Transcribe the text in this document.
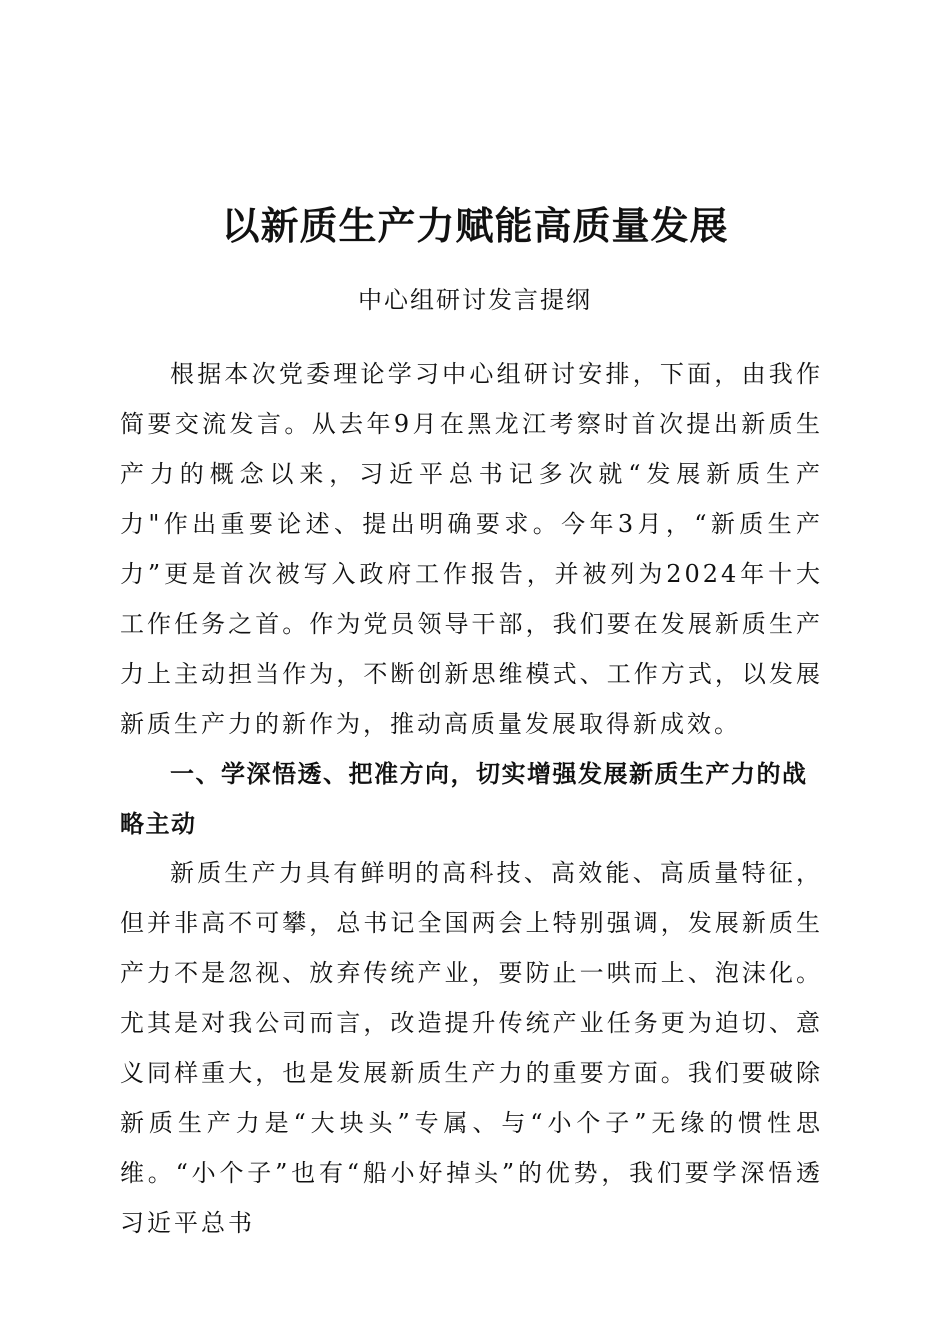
以新质生产力赋能高质量发展
中心组研讨发言提纲

根据本次党委理论学习中心组研讨安排，下面，由我作简要交流发言。从去年9月在黑龙江考察时首次提出新质生产力的概念以来，习近平总书记多次就“发展新质生产力"作出重要论述、提出明确要求。今年3月，“新质生产力”更是首次被写入政府工作报告，并被列为2024年十大工作任务之首。作为党员领导干部，我们要在发展新质生产力上主动担当作为，不断创新思维模式、工作方式，以发展新质生产力的新作为，推动高质量发展取得新成效。

一、学深悟透、把准方向，切实增强发展新质生产力的战略主动

新质生产力具有鲜明的高科技、高效能、高质量特征，但并非高不可攀，总书记全国两会上特别强调，发展新质生产力不是忽视、放弃传统产业，要防止一哄而上、泡沫化。尤其是对我公司而言，改造提升传统产业任务更为迫切、意义同样重大，也是发展新质生产力的重要方面。我们要破除新质生产力是“大块头”专属、与“小个子”无缘的惯性思维。“小个子”也有“船小好掉头”的优势，我们要学深悟透习近平总书
